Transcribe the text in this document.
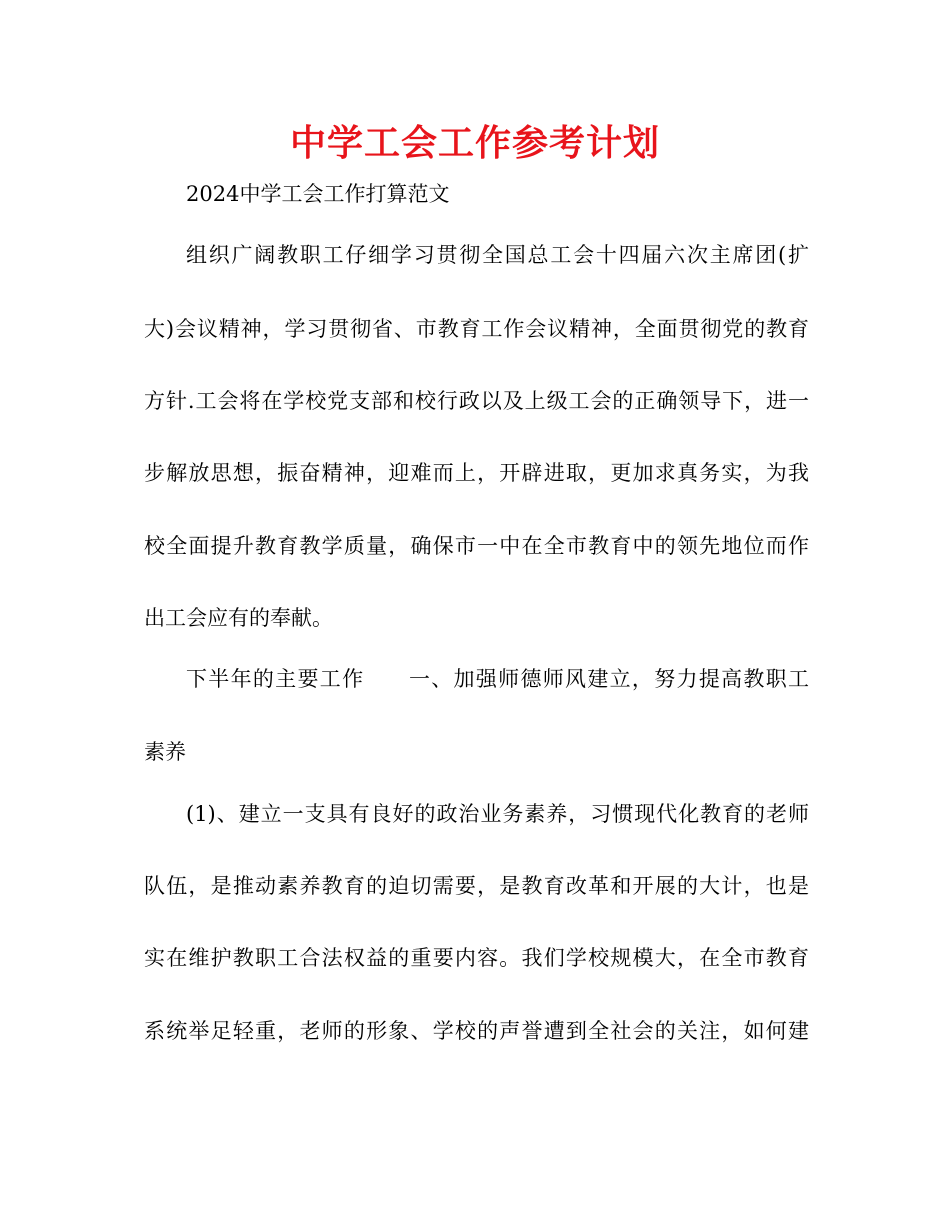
中学工会工作参考计划
2024中学工会工作打算范文
组织广阔教职工仔细学习贯彻全国总工会十四届六次主席团(扩
大)会议精神，学习贯彻省、市教育工作会议精神，全面贯彻党的教育
方针.工会将在学校党支部和校行政以及上级工会的正确领导下，进一
步解放思想，振奋精神，迎难而上，开辟进取，更加求真务实，为我
校全面提升教育教学质量，确保市一中在全市教育中的领先地位而作
出工会应有的奉献。
下半年的主要工作　　一、加强师德师风建立，努力提高教职工
素养
(1)、建立一支具有良好的政治业务素养，习惯现代化教育的老师
队伍，是推动素养教育的迫切需要，是教育改革和开展的大计，也是
实在维护教职工合法权益的重要内容。我们学校规模大，在全市教育
系统举足轻重，老师的形象、学校的声誉遭到全社会的关注，如何建
